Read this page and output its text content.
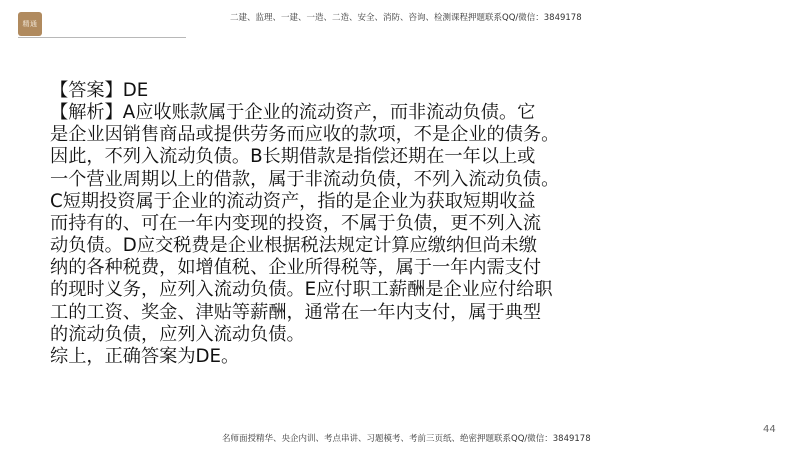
精通
二建、监理、一建、一造、二造、安全、消防、咨询、检测课程押题联系QQ/微信：3849178
【答案】DE
【解析】A应收账款属于企业的流动资产，而非流动负债。它
是企业因销售商品或提供劳务而应收的款项，不是企业的债务。
因此，不列入流动负债。B长期借款是指偿还期在一年以上或
一个营业周期以上的借款，属于非流动负债，不列入流动负债。
C短期投资属于企业的流动资产，指的是企业为获取短期收益
而持有的、可在一年内变现的投资，不属于负债，更不列入流
动负债。D应交税费是企业根据税法规定计算应缴纳但尚未缴
纳的各种税费，如增值税、企业所得税等，属于一年内需支付
的现时义务，应列入流动负债。E应付职工薪酬是企业应付给职
工的工资、奖金、津贴等薪酬，通常在一年内支付，属于典型
的流动负债，应列入流动负债。
综上，正确答案为DE。
44
名师面授精华、央企内训、考点串讲、习题模考、考前三页纸、绝密押题联系QQ/微信：3849178
